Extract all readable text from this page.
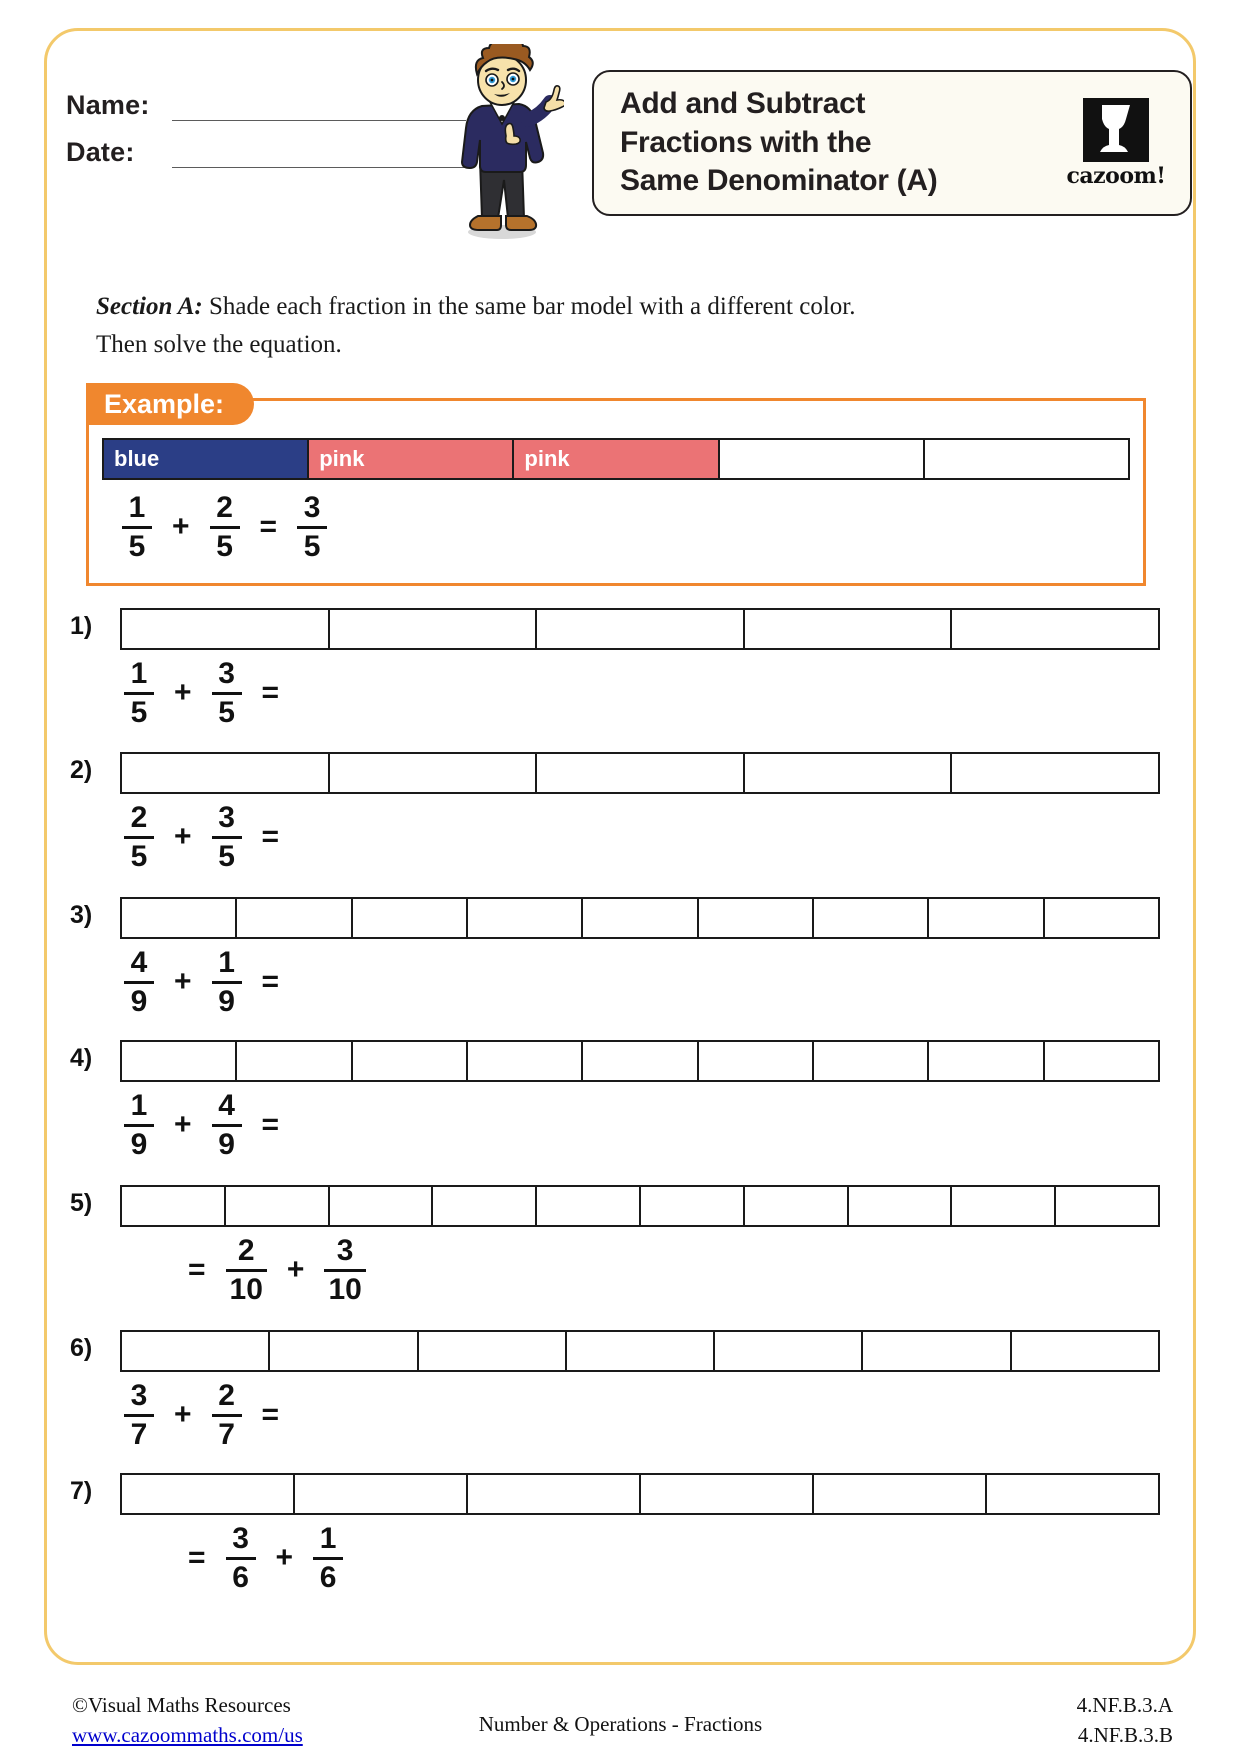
Name:
Date:
Add and Subtract
Fractions with the
Same Denominator (A)	cazoom!
Section A: Shade each fraction in the same bar model with a different color.
Then solve the equation.
Example:
blue	pink	pink
$\frac{1}{5} + \frac{2}{5} = \frac{3}{5}$
1)
$\frac{1}{5} + \frac{3}{5}$ =
2)
$\frac{2}{5} + \frac{3}{5}$ =
3)
$\frac{4}{9} + \frac{1}{9}$ =
4)
$\frac{1}{9} + \frac{4}{9}$ =
5)
= $\frac{2}{10} + \frac{3}{10}$
6)
$\frac{3}{7} + \frac{2}{7}$ =
7)
= $\frac{3}{6} + \frac{1}{6}$
©Visual Maths Resources
www.cazoommaths.com/us	Number & Operations - Fractions
4.NF.B.3.A
4.NF.B.3.B
